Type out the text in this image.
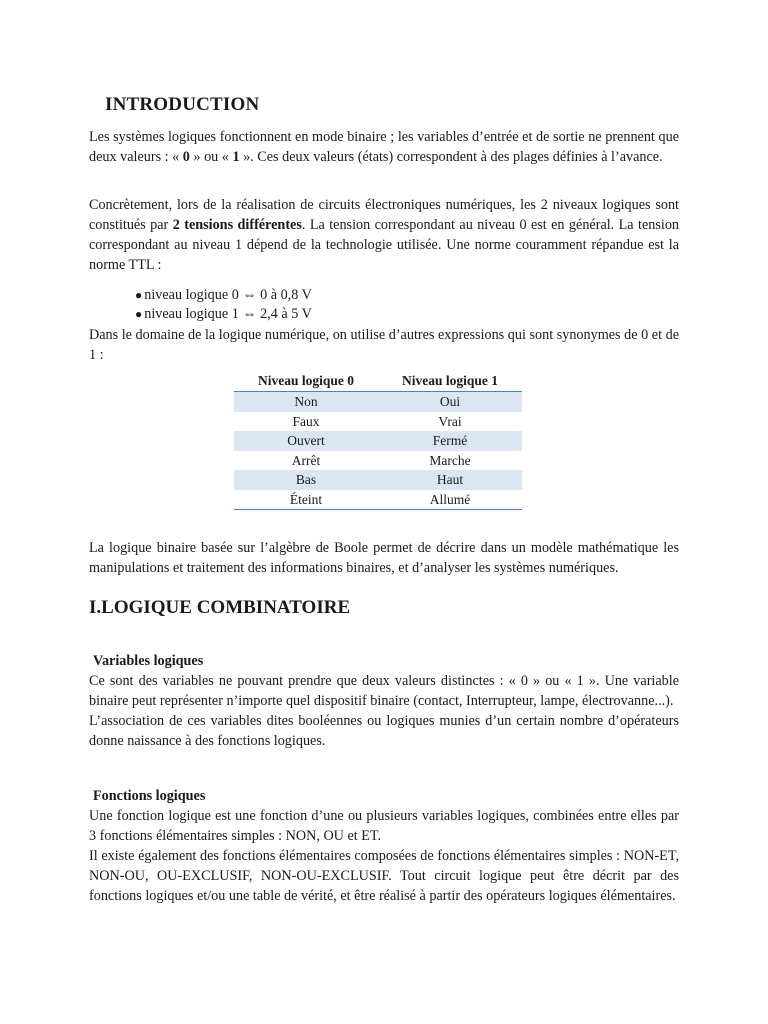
INTRODUCTION

Les systèmes logiques fonctionnent en mode binaire ; les variables d’entrée et de sortie ne prennent que deux valeurs : « 0 » ou « 1 ». Ces deux valeurs (états) correspondent à des plages définies à l’avance.

Concrètement, lors de la réalisation de circuits électroniques numériques, les 2 niveaux logiques sont constitués par 2 tensions différentes. La tension correspondant au niveau 0 est en général. La tension correspondant au niveau 1 dépend de la technologie utilisée. Une norme couramment répandue est la norme TTL :

● niveau logique 0 ⇔ 0 à 0,8 V
● niveau logique 1 ⇔ 2,4 à 5 V

Dans le domaine de la logique numérique, on utilise d’autres expressions qui sont synonymes de 0 et de 1 :

Niveau logique 0	Niveau logique 1
Non	Oui
Faux	Vrai
Ouvert	Fermé
Arrêt	Marche
Bas	Haut
Éteint	Allumé

La logique binaire basée sur l’algèbre de Boole permet de décrire dans un modèle mathématique les manipulations et traitement des informations binaires, et d’analyser les systèmes numériques.

I.LOGIQUE COMBINATOIRE

Variables logiques

Ce sont des variables ne pouvant prendre que deux valeurs distinctes : « 0 » ou « 1 ». Une variable binaire peut représenter n’importe quel dispositif binaire (contact, Interrupteur, lampe, électrovanne...).

L’association de ces variables dites booléennes ou logiques munies d’un certain nombre d’opérateurs donne naissance à des fonctions logiques.

Fonctions logiques

Une fonction logique est une fonction d’une ou plusieurs variables logiques, combinées entre elles par 3 fonctions élémentaires simples : NON, OU et ET.

Il existe également des fonctions élémentaires composées de fonctions élémentaires simples : NON-ET, NON-OU, OU-EXCLUSIF, NON-OU-EXCLUSIF. Tout circuit logique peut être décrit par des fonctions logiques et/ou une table de vérité, et être réalisé à partir des opérateurs logiques élémentaires.
